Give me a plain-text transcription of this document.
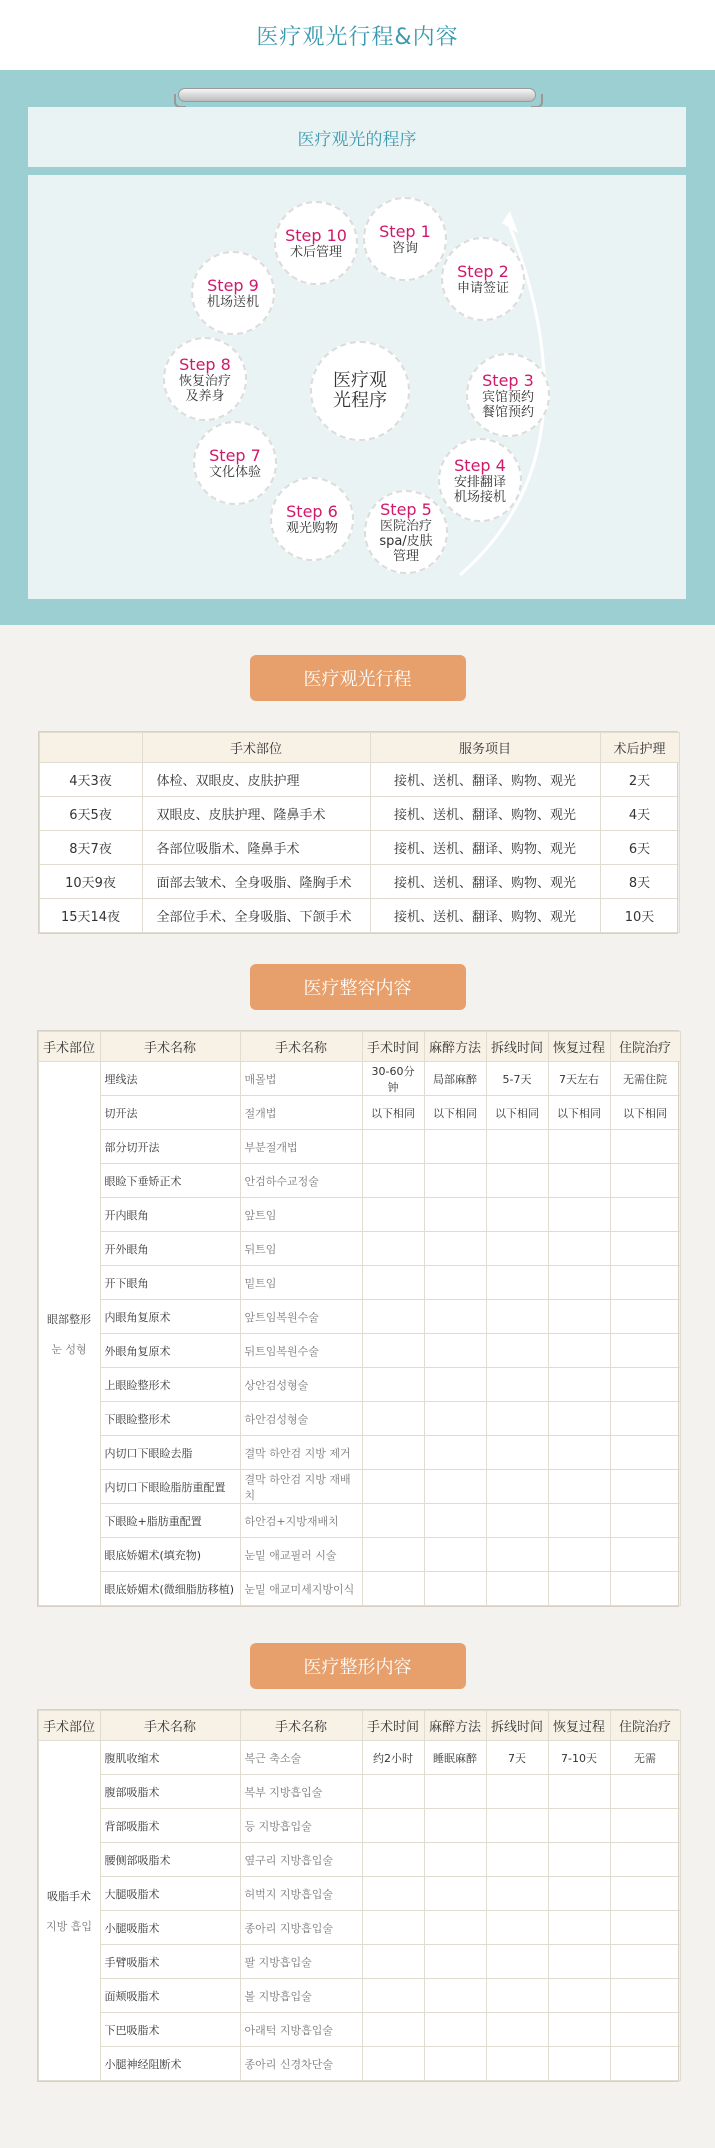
医疗观光行程&内容
医疗观光的程序
医疗观光程序
Step 1
咨询
Step 2
申请签证
Step 3
宾馆预约 餐馆预约
Step 4
安排翻译 机场接机
Step 5
医院治疗 spa/皮肤 管理
Step 6
观光购物
Step 7
文化体验
Step 8
恢复治疗 及养身
Step 9
机场送机
Step 10
术后管理
医疗观光行程
	手术部位	服务项目	术后护理
4天3夜	体检、双眼皮、皮肤护理	接机、送机、翻译、购物、观光	2天
6天5夜	双眼皮、皮肤护理、隆鼻手术	接机、送机、翻译、购物、观光	4天
8天7夜	各部位吸脂术、隆鼻手术	接机、送机、翻译、购物、观光	6天
10天9夜	面部去皱术、全身吸脂、隆胸手术	接机、送机、翻译、购物、观光	8天
15天14夜	全部位手术、全身吸脂、下颌手术	接机、送机、翻译、购物、观光	10天
医疗整容内容
手术部位	手术名称	手术名称	手术时间	麻醉方法	拆线时间	恢复过程	住院治疗
眼部整形
눈 성형	埋线法	매몰법	30-60分钟	局部麻醉	5-7天	7天左右	无需住院
	切开法	절개법	以下相同	以下相同	以下相同	以下相同	以下相同
	部分切开法	부분절개법					
	眼睑下垂矫正术	안검하수교정술					
	开内眼角	앞트임					
	开外眼角	뒤트임					
	开下眼角	밑트임					
	内眼角复原术	앞트임복원수술					
	外眼角复原术	뒤트임복원수술					
	上眼睑整形术	상안검성형술					
	下眼睑整形术	하안검성형술					
	内切口下眼睑去脂	결막 하안검 지방 제거					
	内切口下眼睑脂肪重配置	결막 하안검 지방 재배치					
	下眼睑+脂肪重配置	하안검+지방재배치					
	眼底娇媚术(填充物)	눈밑 애교필러 시술					
	眼底娇媚术(微细脂肪移植)	눈밑 애교미세지방이식					
医疗整形内容
手术部位	手术名称	手术名称	手术时间	麻醉方法	拆线时间	恢复过程	住院治疗
吸脂手术
지방 흡입	腹肌收缩术	복근 축소술	约2小时	睡眠麻醉	7天	7-10天	无需
	腹部吸脂术	복부 지방흡입술					
	背部吸脂术	등 지방흡입술					
	腰侧部吸脂术	옆구리 지방흡입술					
	大腿吸脂术	허벅지 지방흡입술					
	小腿吸脂术	종아리 지방흡입술					
	手臂吸脂术	팔 지방흡입술					
	面颊吸脂术	볼 지방흡입술					
	下巴吸脂术	아래턱 지방흡입술					
	小腿神经阻断术	종아리 신경차단술					
